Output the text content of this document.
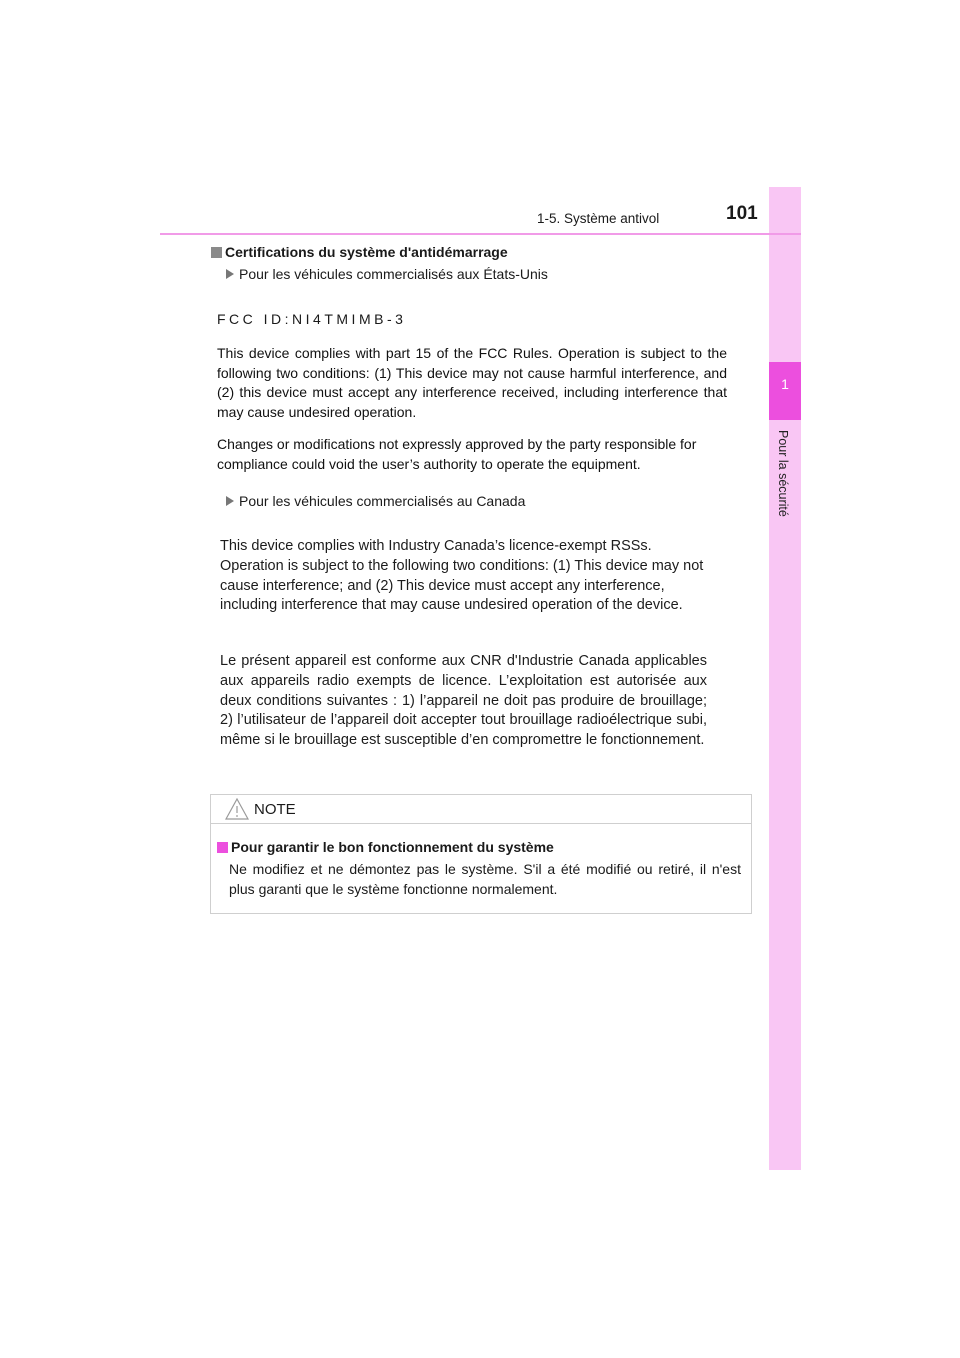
1
Pour la sécurité
1-5. Système antivol	101
Certifications du système d'antidémarrage
Pour les véhicules commercialisés aux États-Unis
FCC ID:NI4TMIMB-3
This device complies with part 15 of the FCC Rules. Operation is subject to the following two conditions: (1) This device may not cause harmful interference, and (2) this device must accept any interference received, including interference that may cause undesired operation.
Changes or modifications not expressly approved by the party responsible for compliance could void the user’s authority to operate the equipment.
Pour les véhicules commercialisés au Canada
This device complies with Industry Canada’s licence-exempt RSSs. Operation is subject to the following two conditions: (1) This device may not cause interference; and (2) This device must accept any interference, including interference that may cause undesired operation of the device.
Le présent appareil est conforme aux CNR d'Industrie Canada applicables aux appareils radio exempts de licence. L’exploitation est autorisée aux deux conditions suivantes : 1) l’appareil ne doit pas produire de brouillage; 2) l’utilisateur de l’appareil doit accepter tout brouillage radioélectrique subi, même si le brouillage est susceptible d’en compromettre le fonctionnement.
NOTE
Pour garantir le bon fonctionnement du système
Ne modifiez et ne démontez pas le système. S'il a été modifié ou retiré, il n'est plus garanti que le système fonctionne normalement.
